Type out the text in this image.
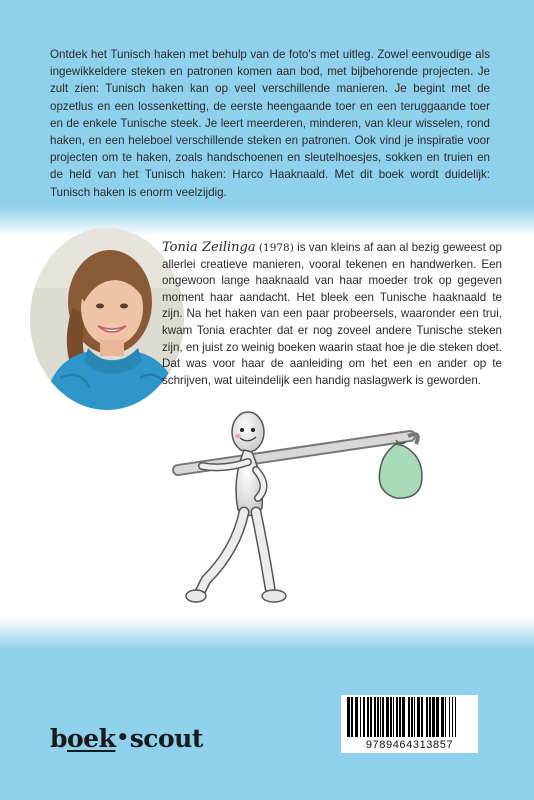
Ontdek het Tunisch haken met behulp van de foto's met uitleg. Zowel eenvoudige als ingewikkeldere steken en patronen komen aan bod, met bijbehorende projecten. Je zult zien: Tunisch haken kan op veel verschillende manieren. Je begint met de opzetlus en een lossenketting, de eerste heengaande toer en een teruggaande toer en de enkele Tunische steek. Je leert meerderen, minderen, van kleur wisselen, rond haken, en een heleboel verschillende steken en patronen. Ook vind je inspiratie voor projecten om te haken, zoals handschoenen en sleutelhoesjes, sokken en truien en de held van het Tunisch haken: Harco Haaknaald. Met dit boek wordt duidelijk: Tunisch haken is enorm veelzijdig.

Tonia Zeilinga (1978) is van kleins af aan al bezig geweest op allerlei creatieve manieren, vooral tekenen en handwerken. Een ongewoon lange haaknaald van haar moeder trok op gegeven moment haar aandacht. Het bleek een Tunische haaknaald te zijn. Na het haken van een paar probeersels, waaronder een trui, kwam Tonia erachter dat er nog zoveel andere Tunische steken zijn, en juist zo weinig boeken waarin staat hoe je die steken doet. Dat was voor haar de aanleiding om het een en ander op te schrijven, wat uiteindelijk een handig naslagwerk is geworden.

boek•scout	9789464313857
